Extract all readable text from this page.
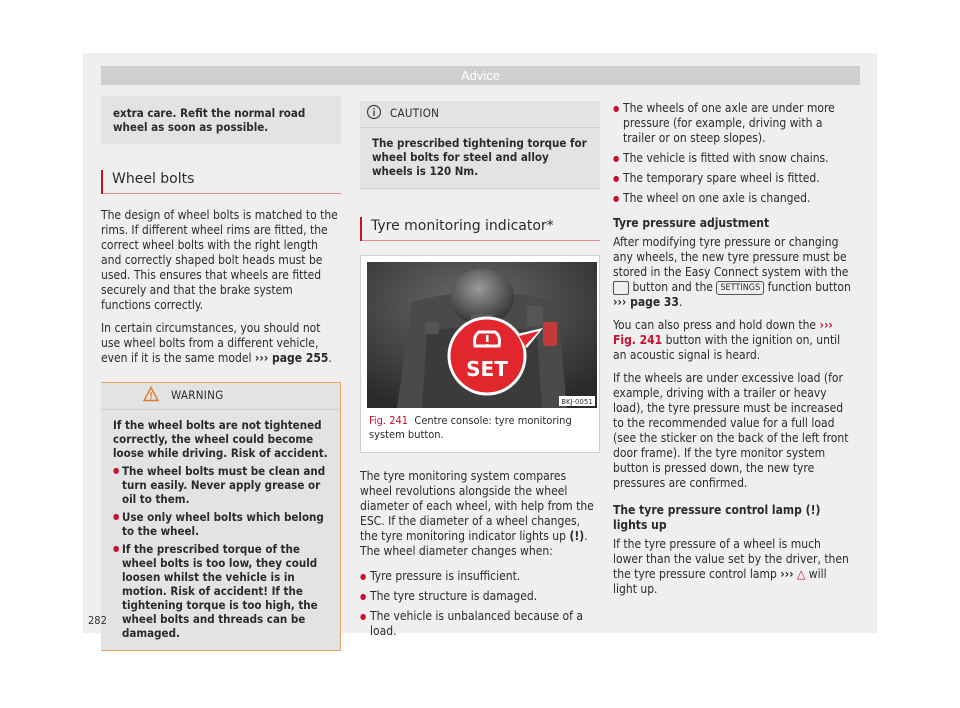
Advice
extra care. Refit the normal road wheel as soon as possible.
Wheel bolts

The design of wheel bolts is matched to the rims. If different wheel rims are fitted, the correct wheel bolts with the right length and correctly shaped bolt heads must be used. This ensures that wheels are fitted securely and that the brake system functions correctly.

In certain circumstances, you should not use wheel bolts from a different vehicle, even if it is the same model ››› page 255.

WARNING
If the wheel bolts are not tightened correctly, the wheel could become loose while driving. Risk of accident.
● The wheel bolts must be clean and turn easily. Never apply grease or oil to them.
● Use only wheel bolts which belong to the wheel.
● If the prescribed torque of the wheel bolts is too low, they could loosen whilst the vehicle is in motion. Risk of accident! If the tightening torque is too high, the wheel bolts and threads can be damaged.
CAUTION
The prescribed tightening torque for wheel bolts for steel and alloy wheels is 120 Nm.
Tyre monitoring indicator*
SET
BKJ-0051
Fig. 241 Centre console: tyre monitoring system button.

The tyre monitoring system compares wheel revolutions alongside the wheel diameter of each wheel, with help from the ESC. If the diameter of a wheel changes, the tyre monitoring indicator lights up (!). The wheel diameter changes when:

● Tyre pressure is insufficient.
● The tyre structure is damaged.
● The vehicle is unbalanced because of a load.
● The wheels of one axle are under more pressure (for example, driving with a trailer or on steep slopes).
● The vehicle is fitted with snow chains.
● The temporary spare wheel is fitted.
● The wheel on one axle is changed.

Tyre pressure adjustment

After modifying tyre pressure or changing any wheels, the new tyre pressure must be stored in the Easy Connect system with the  button and the SETTINGS function button ››› page 33.

You can also press and hold down the ››› Fig. 241 button with the ignition on, until an acoustic signal is heard.

If the wheels are under excessive load (for example, driving with a trailer or heavy load), the tyre pressure must be increased to the recommended value for a full load (see the sticker on the back of the left front door frame). If the tyre monitor system button is pressed down, the new tyre pressures are confirmed.

The tyre pressure control lamp (!) lights up

If the tyre pressure of a wheel is much lower than the value set by the driver, then the tyre pressure control lamp ››› △ will light up.

282
